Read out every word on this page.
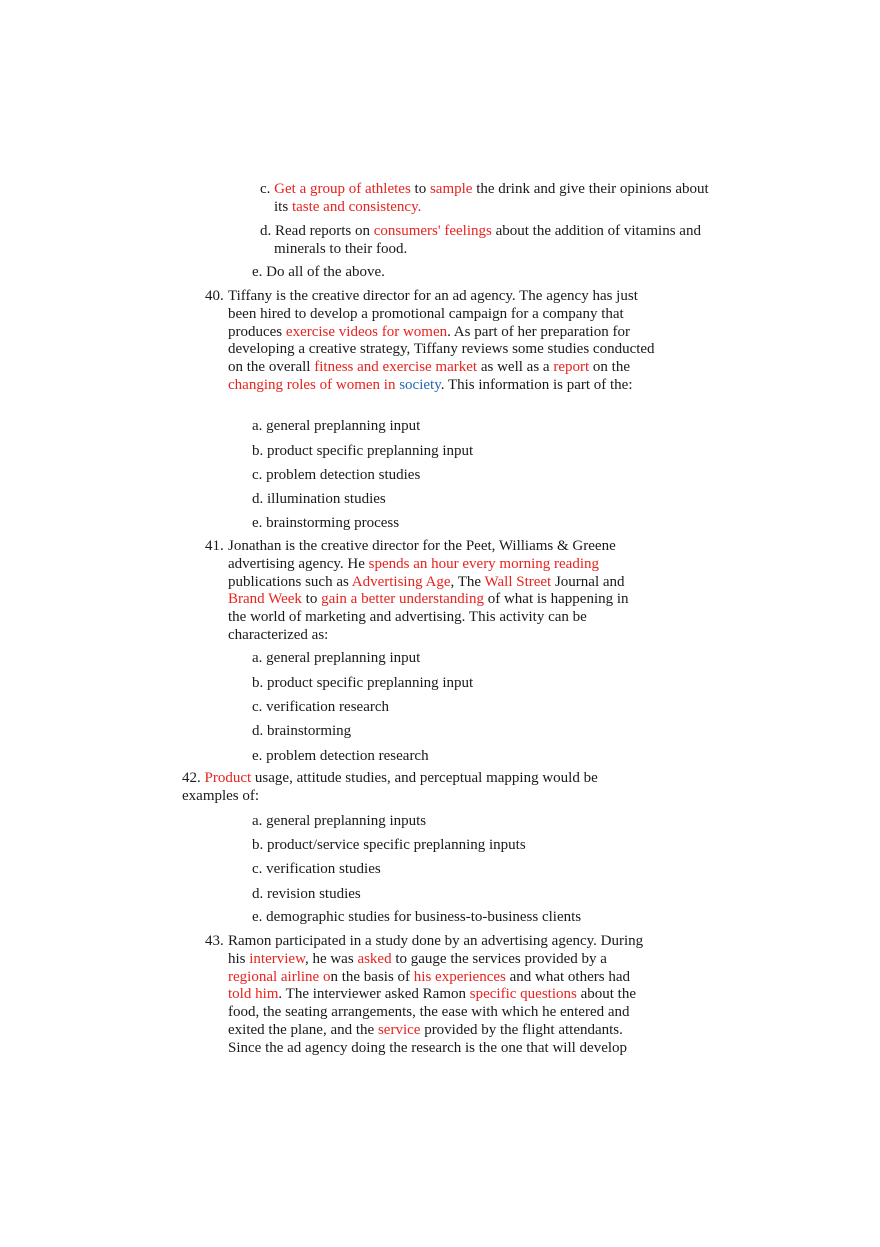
c. Get a group of athletes to sample the drink and give their opinions about its taste and consistency.
d. Read reports on consumers' feelings about the addition of vitamins and minerals to their food.
e. Do all of the above.
40. Tiffany is the creative director for an ad agency. The agency has just been hired to develop a promotional campaign for a company that produces exercise videos for women. As part of her preparation for developing a creative strategy, Tiffany reviews some studies conducted on the overall fitness and exercise market as well as a report on the changing roles of women in society. This information is part of the:
a. general preplanning input
b. product specific preplanning input
c. problem detection studies
d. illumination studies
e. brainstorming process
41. Jonathan is the creative director for the Peet, Williams & Greene advertising agency. He spends an hour every morning reading publications such as Advertising Age, The Wall Street Journal and Brand Week to gain a better understanding of what is happening in the world of marketing and advertising. This activity can be characterized as:
a. general preplanning input
b. product specific preplanning input
c. verification research
d. brainstorming
e. problem detection research
42. Product usage, attitude studies, and perceptual mapping would be examples of:
a. general preplanning inputs
b. product/service specific preplanning inputs
c. verification studies
d. revision studies
e. demographic studies for business-to-business clients
43. Ramon participated in a study done by an advertising agency. During his interview, he was asked to gauge the services provided by a regional airline on the basis of his experiences and what others had told him. The interviewer asked Ramon specific questions about the food, the seating arrangements, the ease with which he entered and exited the plane, and the service provided by the flight attendants. Since the ad agency doing the research is the one that will develop
